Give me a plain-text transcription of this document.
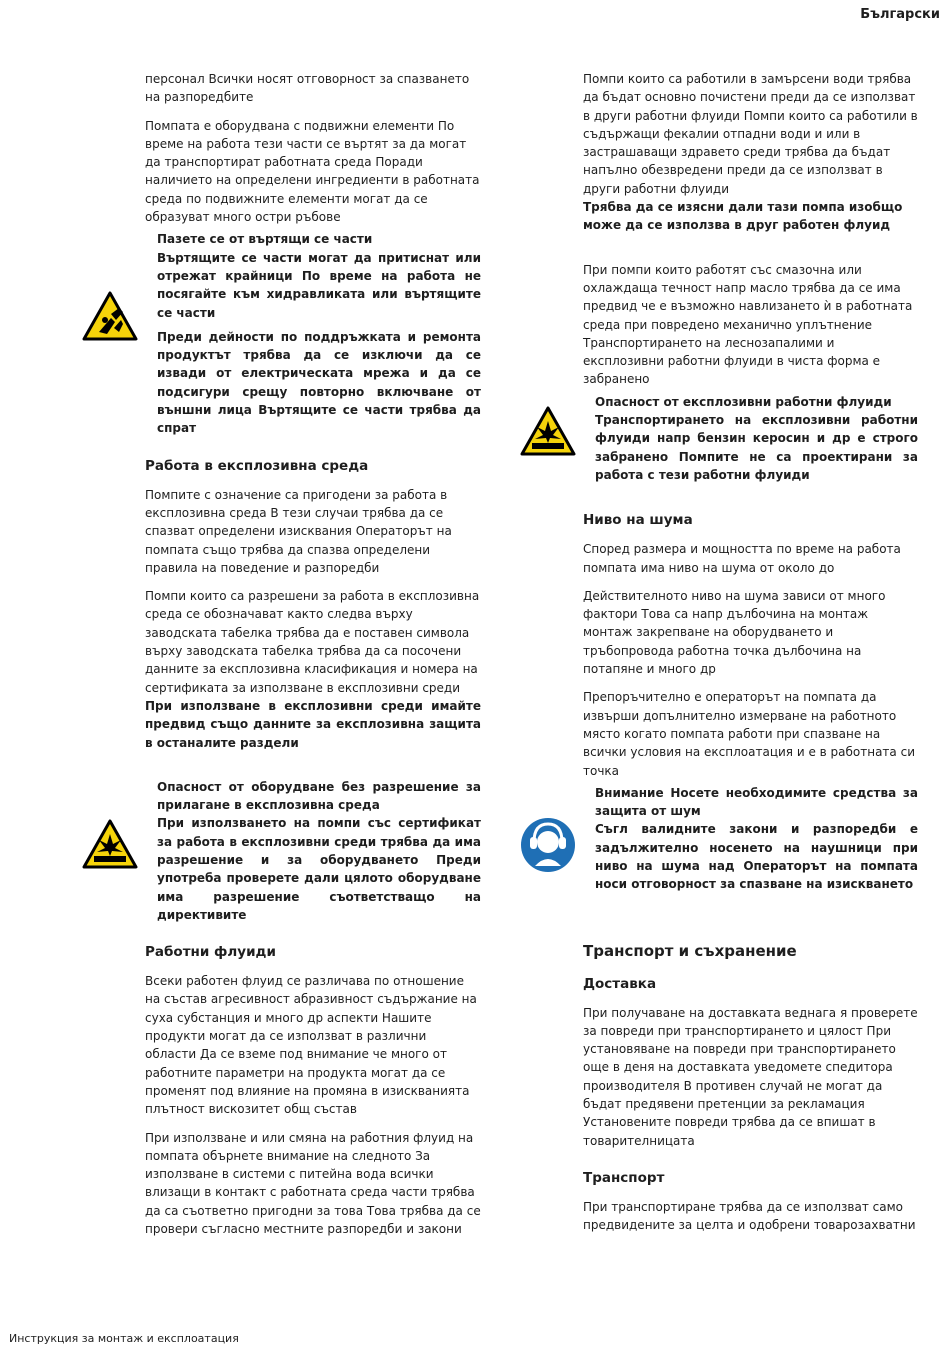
Български

персонал Всички носят отговорност за спазването на разпоредбите

Помпата е оборудвана с подвижни елементи По време на работа тези части се въртят за да могат да транспортират работната среда Поради наличието на определени ингредиенти в работната среда по подвижните елементи могат да се образуват много остри ръбове

Пазете се от въртящи се части

Въртящите се части могат да притиснат или отрежат крайници По време на работа не посягайте към хидравликата или въртящите се части

Преди дейности по поддръжката и ремонта продуктът трябва да се изключи да се извади от електрическата мрежа и да се подсигури срещу повторно включване от външни лица Въртящите се части трябва да спрат

Работа в експлозивна среда

Помпите с означение са пригодени за работа в експлозивна среда В тези случаи трябва да се спазват определени изисквания Операторът на помпата също трябва да спазва определени правила на поведение и разпоредби

Помпи които са разрешени за работа в експлозивна среда се обозначават както следва върху заводската табелка трябва да е поставен символа върху заводската табелка трябва да са посочени данните за експлозивна класификация и номера на сертификата за използване в експлозивни среди

При използване в експлозивни среди имайте предвид също данните за експлозивна защита в останалите раздели

Опасност от оборудване без разрешение за прилагане в експлозивна среда

При използването на помпи със сертификат за работа в експлозивни среди трябва да има разрешение и за оборудването Преди употреба проверете дали цялото оборудване има разрешение съответстващо на директивите

Работни флуиди

Всеки работен флуид се различава по отношение на състав агресивност абразивност съдържание на суха субстанция и много др аспекти Нашите продукти могат да се използват в различни области Да се вземе под внимание че много от работните параметри на продукта могат да се променят под влияние на промяна в изискванията плътност вискозитет общ състав

При използване и или смяна на работния флуид на помпата обърнете внимание на следното За използване в системи с питейна вода всички влизащи в контакт с работната среда части трябва да са съответно пригодни за това Това трябва да се провери съгласно местните разпоредби и закони

Помпи които са работили в замърсени води трябва да бъдат основно почистени преди да се използват в други работни флуиди Помпи които са работили в съдържащи фекалии отпадни води и или в застрашаващи здравето среди трябва да бъдат напълно обезвредени преди да се използват в други работни флуиди

Трябва да се изясни дали тази помпа изобщо може да се използва в друг работен флуид

При помпи които работят със смазочна или охлаждаща течност напр масло трябва да се има предвид че е възможно навлизането ѝ в работната среда при повредено механично уплътнение Транспортирането на леснозапалими и експлозивни работни флуиди в чиста форма е забранено

Опасност от експлозивни работни флуиди

Транспортирането на експлозивни работни флуиди напр бензин керосин и др е строго забранено Помпите не са проектирани за работа с тези работни флуиди

Ниво на шума

Според размера и мощността по време на работа помпата има ниво на шума от около до

Действителното ниво на шума зависи от много фактори Това са напр дълбочина на монтаж монтаж закрепване на оборудването и тръбопровода работна точка дълбочина на потапяне и много др

Препоръчително е операторът на помпата да извърши допълнително измерване на работното място когато помпата работи при спазване на всички условия на експлоатация и е в работната си точка

Внимание Носете необходимите средства за защита от шум

Съгл валидните закони и разпоредби е задължително носенето на наушници при ниво на шума над Операторът на помпата носи отговорност за спазване на изискването

Транспорт и съхранение
Доставка

При получаване на доставката веднага я проверете за повреди при транспортирането и цялост При установяване на повреди при транспортирането още в деня на доставката уведомете спедитора производителя В противен случай не могат да бъдат предявени претенции за рекламация Установените повреди трябва да се впишат в товарителницата

Транспорт

При транспортиране трябва да се използват само предвидените за целта и одобрени товарозахватни

Инструкция за монтаж и експлоатация
